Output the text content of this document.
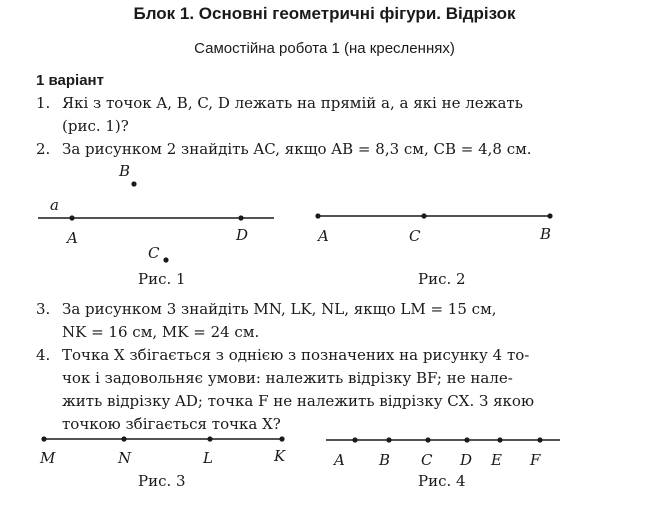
Блок 1. Основні геометричні фігури. Відрізок
Самостійна робота 1 (на кресленнях)
1 варіант
1. Які з точок A, B, C, D лежать на прямій a, а які не лежать
(рис. 1)?
2. За рисунком 2 знайдіть AC, якщо AB = 8,3 см, CB = 4,8 см.
a
A	D
B
C
Рис. 1
A	C	B
Рис. 2
3. За рисунком 3 знайдіть MN, LK, NL, якщо LM = 15 см,
NK = 16 см, MK = 24 см.
4. Точка X збігається з однією з позначених на рисунку 4 то-
чок і задовольняє умови: належить відрізку BF; не нале-
жить відрізку AD; точка F не належить відрізку CX. З якою
точкою збігається точка X?
M	N	L	K
Рис. 3
A B C D E F
Рис. 4
